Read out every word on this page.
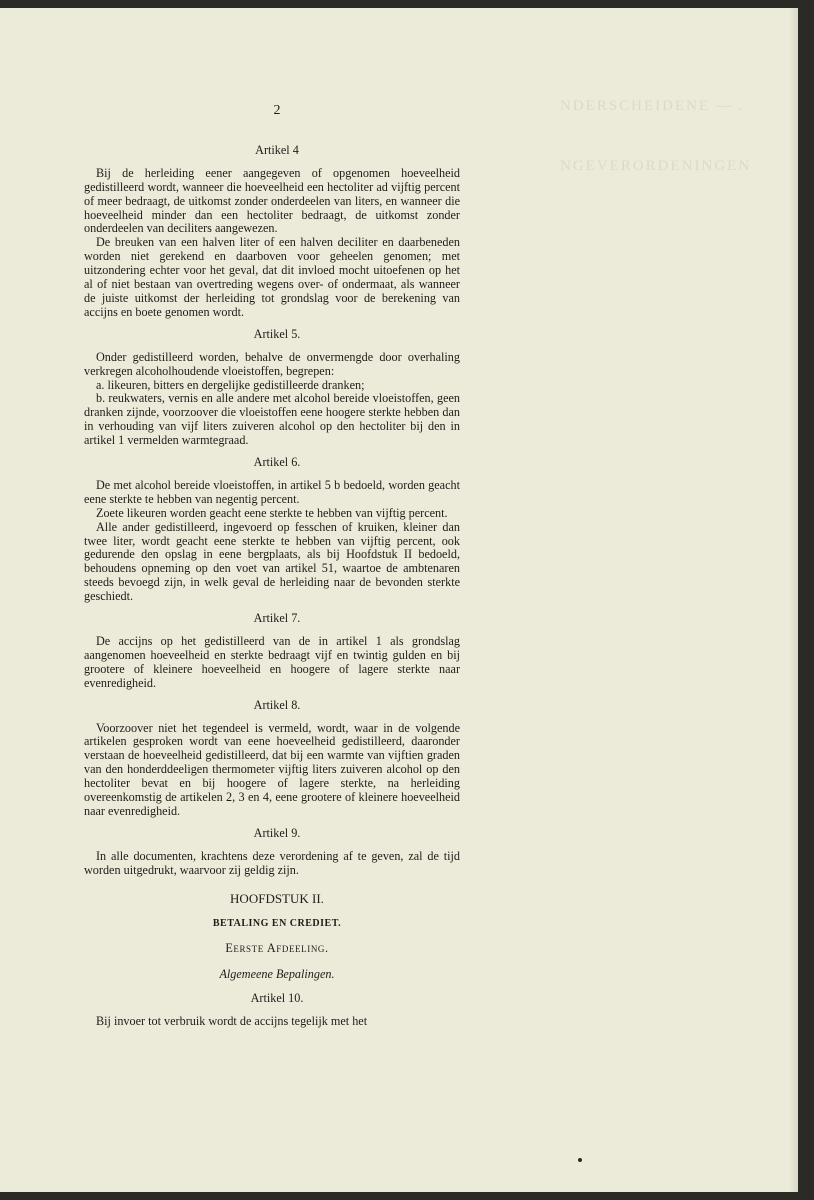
NDERSCHEIDENE — .
NGEVERORDENINGEN
2
Artikel 4

Bij de herleiding eener aangegeven of opgenomen hoeveelheid gedistilleerd wordt, wanneer die hoeveelheid een hectoliter ad vijftig percent of meer bedraagt, de uitkomst zonder onderdeelen van liters, en wanneer die hoeveelheid minder dan een hectoliter bedraagt, de uitkomst zonder onderdeelen van deciliters aangewezen.

De breuken van een halven liter of een halven deciliter en daarbeneden worden niet gerekend en daarboven voor geheelen genomen; met uitzondering echter voor het geval, dat dit invloed mocht uitoefenen op het al of niet bestaan van overtreding wegens over- of ondermaat, als wanneer de juiste uitkomst der herleiding tot grondslag voor de berekening van accijns en boete genomen wordt.

Artikel 5.

Onder gedistilleerd worden, behalve de onvermengde door overhaling verkregen alcoholhoudende vloeistoffen, begrepen:

a. likeuren, bitters en dergelijke gedistilleerde dranken;

b. reukwaters, vernis en alle andere met alcohol bereide vloeistoffen, geen dranken zijnde, voorzoover die vloeistoffen eene hoogere sterkte hebben dan in verhouding van vijf liters zuiveren alcohol op den hectoliter bij den in artikel 1 vermelden warmtegraad.

Artikel 6.

De met alcohol bereide vloeistoffen, in artikel 5 b bedoeld, worden geacht eene sterkte te hebben van negentig percent.

Zoete likeuren worden geacht eene sterkte te hebben van vijftig percent.

Alle ander gedistilleerd, ingevoerd op fesschen of kruiken, kleiner dan twee liter, wordt geacht eene sterkte te hebben van vijftig percent, ook gedurende den opslag in eene bergplaats, als bij Hoofdstuk II bedoeld, behoudens opneming op den voet van artikel 51, waartoe de ambtenaren steeds bevoegd zijn, in welk geval de herleiding naar de bevonden sterkte geschiedt.

Artikel 7.

De accijns op het gedistilleerd van de in artikel 1 als grondslag aangenomen hoeveelheid en sterkte bedraagt vijf en twintig gulden en bij grootere of kleinere hoeveelheid en hoogere of lagere sterkte naar evenredigheid.

Artikel 8.

Voorzoover niet het tegendeel is vermeld, wordt, waar in de volgende artikelen gesproken wordt van eene hoeveelheid gedistilleerd, daaronder verstaan de hoeveelheid gedistilleerd, dat bij een warmte van vijftien graden van den honderddeeligen thermometer vijftig liters zuiveren alcohol op den hectoliter bevat en bij hoogere of lagere sterkte, na herleiding overeenkomstig de artikelen 2, 3 en 4, eene grootere of kleinere hoeveelheid naar evenredigheid.

Artikel 9.

In alle documenten, krachtens deze verordening af te geven, zal de tijd worden uitgedrukt, waarvoor zij geldig zijn.

HOOFDSTUK II.
BETALING EN CREDIET.
Eerste Afdeeling.
Algemeene Bepalingen.
Artikel 10.

Bij invoer tot verbruik wordt de accijns tegelijk met het
